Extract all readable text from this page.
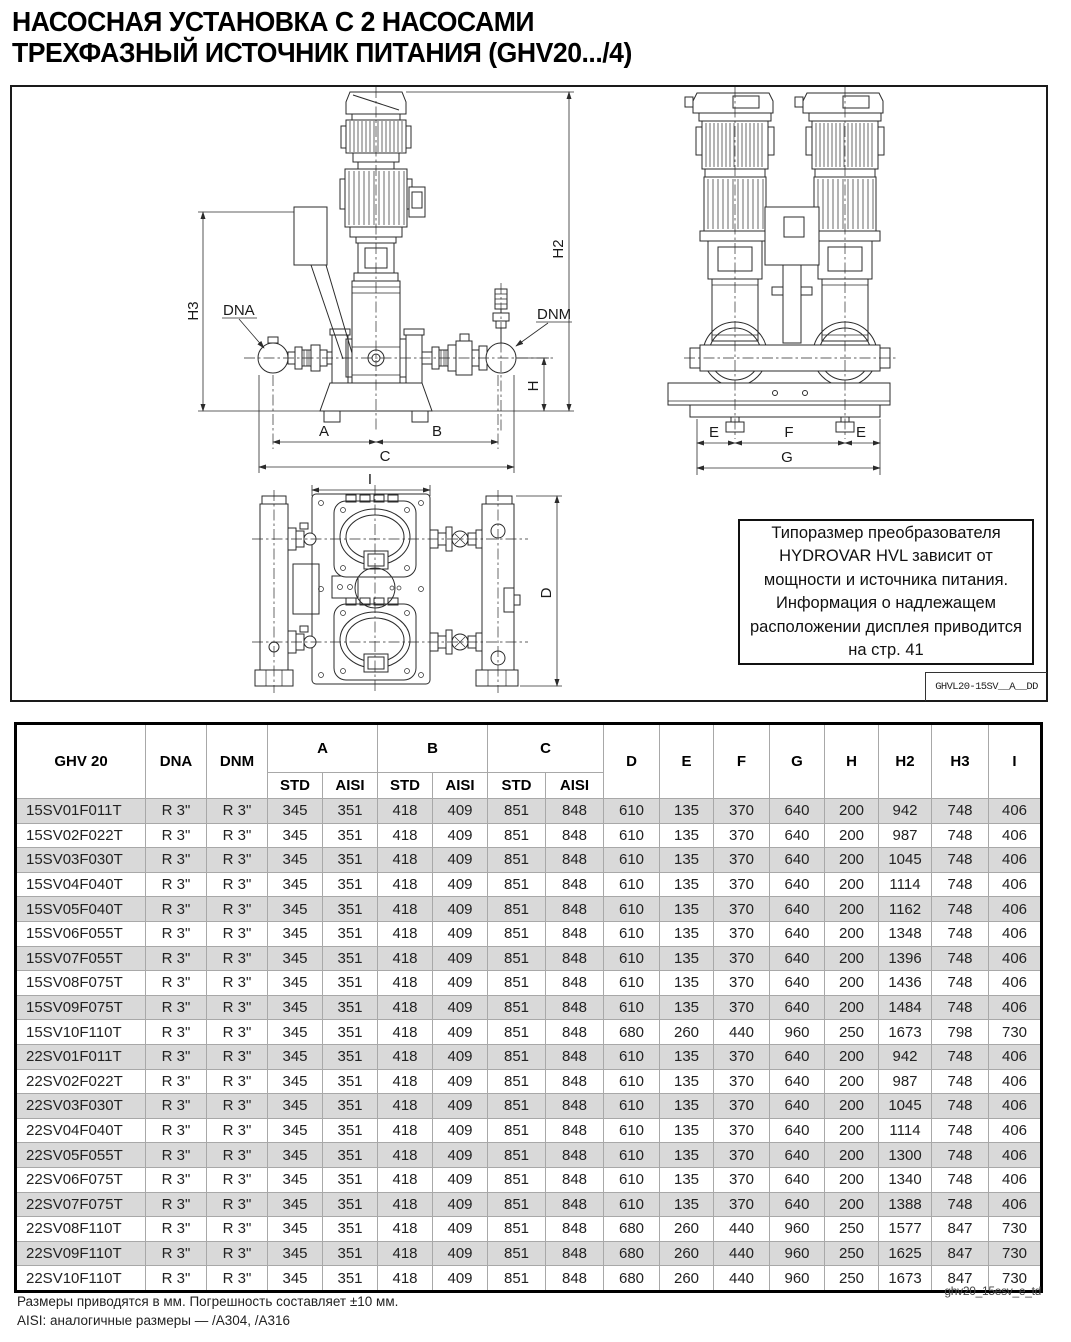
НАСОСНАЯ УСТАНОВКА С 2 НАСОСАМИ
ТРЕХФАЗНЫЙ ИСТОЧНИК ПИТАНИЯ (GHV20.../4)
H3
H2
H
A	B
C
DNA	DNM
E	F	E
G
I
D
Типоразмер преобразователя HYDROVAR HVL зависит от мощности и источника питания. Информация о надлежащем расположении дисплея приводится на стр. 41
GHVL20-15SV__A__DD
GHV 20	DNA	DNM	A		B		C		D	E	F	G	H	H2	H3	I
			STD	AISI	STD	AISI	STD	AISI								
15SV01F011T	R 3"	R 3"	345	351	418	409	851	848	610	135	370	640	200	942	748	406
15SV02F022T	R 3"	R 3"	345	351	418	409	851	848	610	135	370	640	200	987	748	406
15SV03F030T	R 3"	R 3"	345	351	418	409	851	848	610	135	370	640	200	1045	748	406
15SV04F040T	R 3"	R 3"	345	351	418	409	851	848	610	135	370	640	200	1114	748	406
15SV05F040T	R 3"	R 3"	345	351	418	409	851	848	610	135	370	640	200	1162	748	406
15SV06F055T	R 3"	R 3"	345	351	418	409	851	848	610	135	370	640	200	1348	748	406
15SV07F055T	R 3"	R 3"	345	351	418	409	851	848	610	135	370	640	200	1396	748	406
15SV08F075T	R 3"	R 3"	345	351	418	409	851	848	610	135	370	640	200	1436	748	406
15SV09F075T	R 3"	R 3"	345	351	418	409	851	848	610	135	370	640	200	1484	748	406
15SV10F110T	R 3"	R 3"	345	351	418	409	851	848	680	260	440	960	250	1673	798	730
22SV01F011T	R 3"	R 3"	345	351	418	409	851	848	610	135	370	640	200	942	748	406
22SV02F022T	R 3"	R 3"	345	351	418	409	851	848	610	135	370	640	200	987	748	406
22SV03F030T	R 3"	R 3"	345	351	418	409	851	848	610	135	370	640	200	1045	748	406
22SV04F040T	R 3"	R 3"	345	351	418	409	851	848	610	135	370	640	200	1114	748	406
22SV05F055T	R 3"	R 3"	345	351	418	409	851	848	610	135	370	640	200	1300	748	406
22SV06F075T	R 3"	R 3"	345	351	418	409	851	848	610	135	370	640	200	1340	748	406
22SV07F075T	R 3"	R 3"	345	351	418	409	851	848	610	135	370	640	200	1388	748	406
22SV08F110T	R 3"	R 3"	345	351	418	409	851	848	680	260	440	960	250	1577	847	730
22SV09F110T	R 3"	R 3"	345	351	418	409	851	848	680	260	440	960	250	1625	847	730
22SV10F110T	R 3"	R 3"	345	351	418	409	851	848	680	260	440	960	250	1673	847	730
Размеры приводятся в мм. Погрешность составляет ±10 мм.
AISI: аналогичные размеры — /А304, /А316
ghv20_15esv_e_td
